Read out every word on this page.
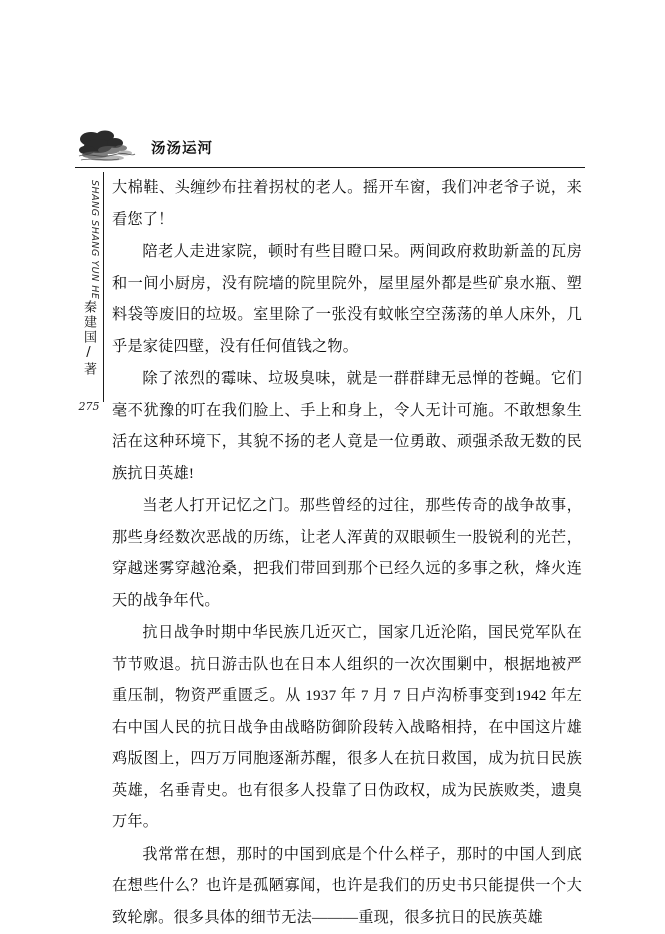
汤汤运河
SHANG SHANG YUN HE
秦建国/著
275

大棉鞋、头缠纱布拄着拐杖的老人。摇开车窗，我们冲老爷子说，来看您了！

陪老人走进家院，顿时有些目瞪口呆。两间政府救助新盖的瓦房和一间小厨房，没有院墙的院里院外，屋里屋外都是些矿泉水瓶、塑料袋等废旧的垃圾。室里除了一张没有蚊帐空空荡荡的单人床外，几乎是家徒四壁，没有任何值钱之物。

除了浓烈的霉味、垃圾臭味，就是一群群肆无忌惮的苍蝇。它们毫不犹豫的叮在我们脸上、手上和身上，令人无计可施。不敢想象生活在这种环境下，其貌不扬的老人竟是一位勇敢、顽强杀敌无数的民族抗日英雄!

当老人打开记忆之门。那些曾经的过往，那些传奇的战争故事，那些身经数次恶战的历练，让老人浑黄的双眼顿生一股锐利的光芒，穿越迷雾穿越沧桑，把我们带回到那个已经久远的多事之秋，烽火连天的战争年代。

抗日战争时期中华民族几近灭亡，国家几近沦陷，国民党军队在节节败退。抗日游击队也在日本人组织的一次次围剿中，根据地被严重压制，物资严重匮乏。从 1937 年 7 月 7 日卢沟桥事变到1942 年左右中国人民的抗日战争由战略防御阶段转入战略相持，在中国这片雄鸡版图上，四万万同胞逐渐苏醒，很多人在抗日救国，成为抗日民族英雄，名垂青史。也有很多人投靠了日伪政权，成为民族败类，遗臭万年。

我常常在想，那时的中国到底是个什么样子，那时的中国人到底在想些什么？也许是孤陋寡闻，也许是我们的历史书只能提供一个大致轮廓。很多具体的细节无法———重现，很多抗日的民族英雄
